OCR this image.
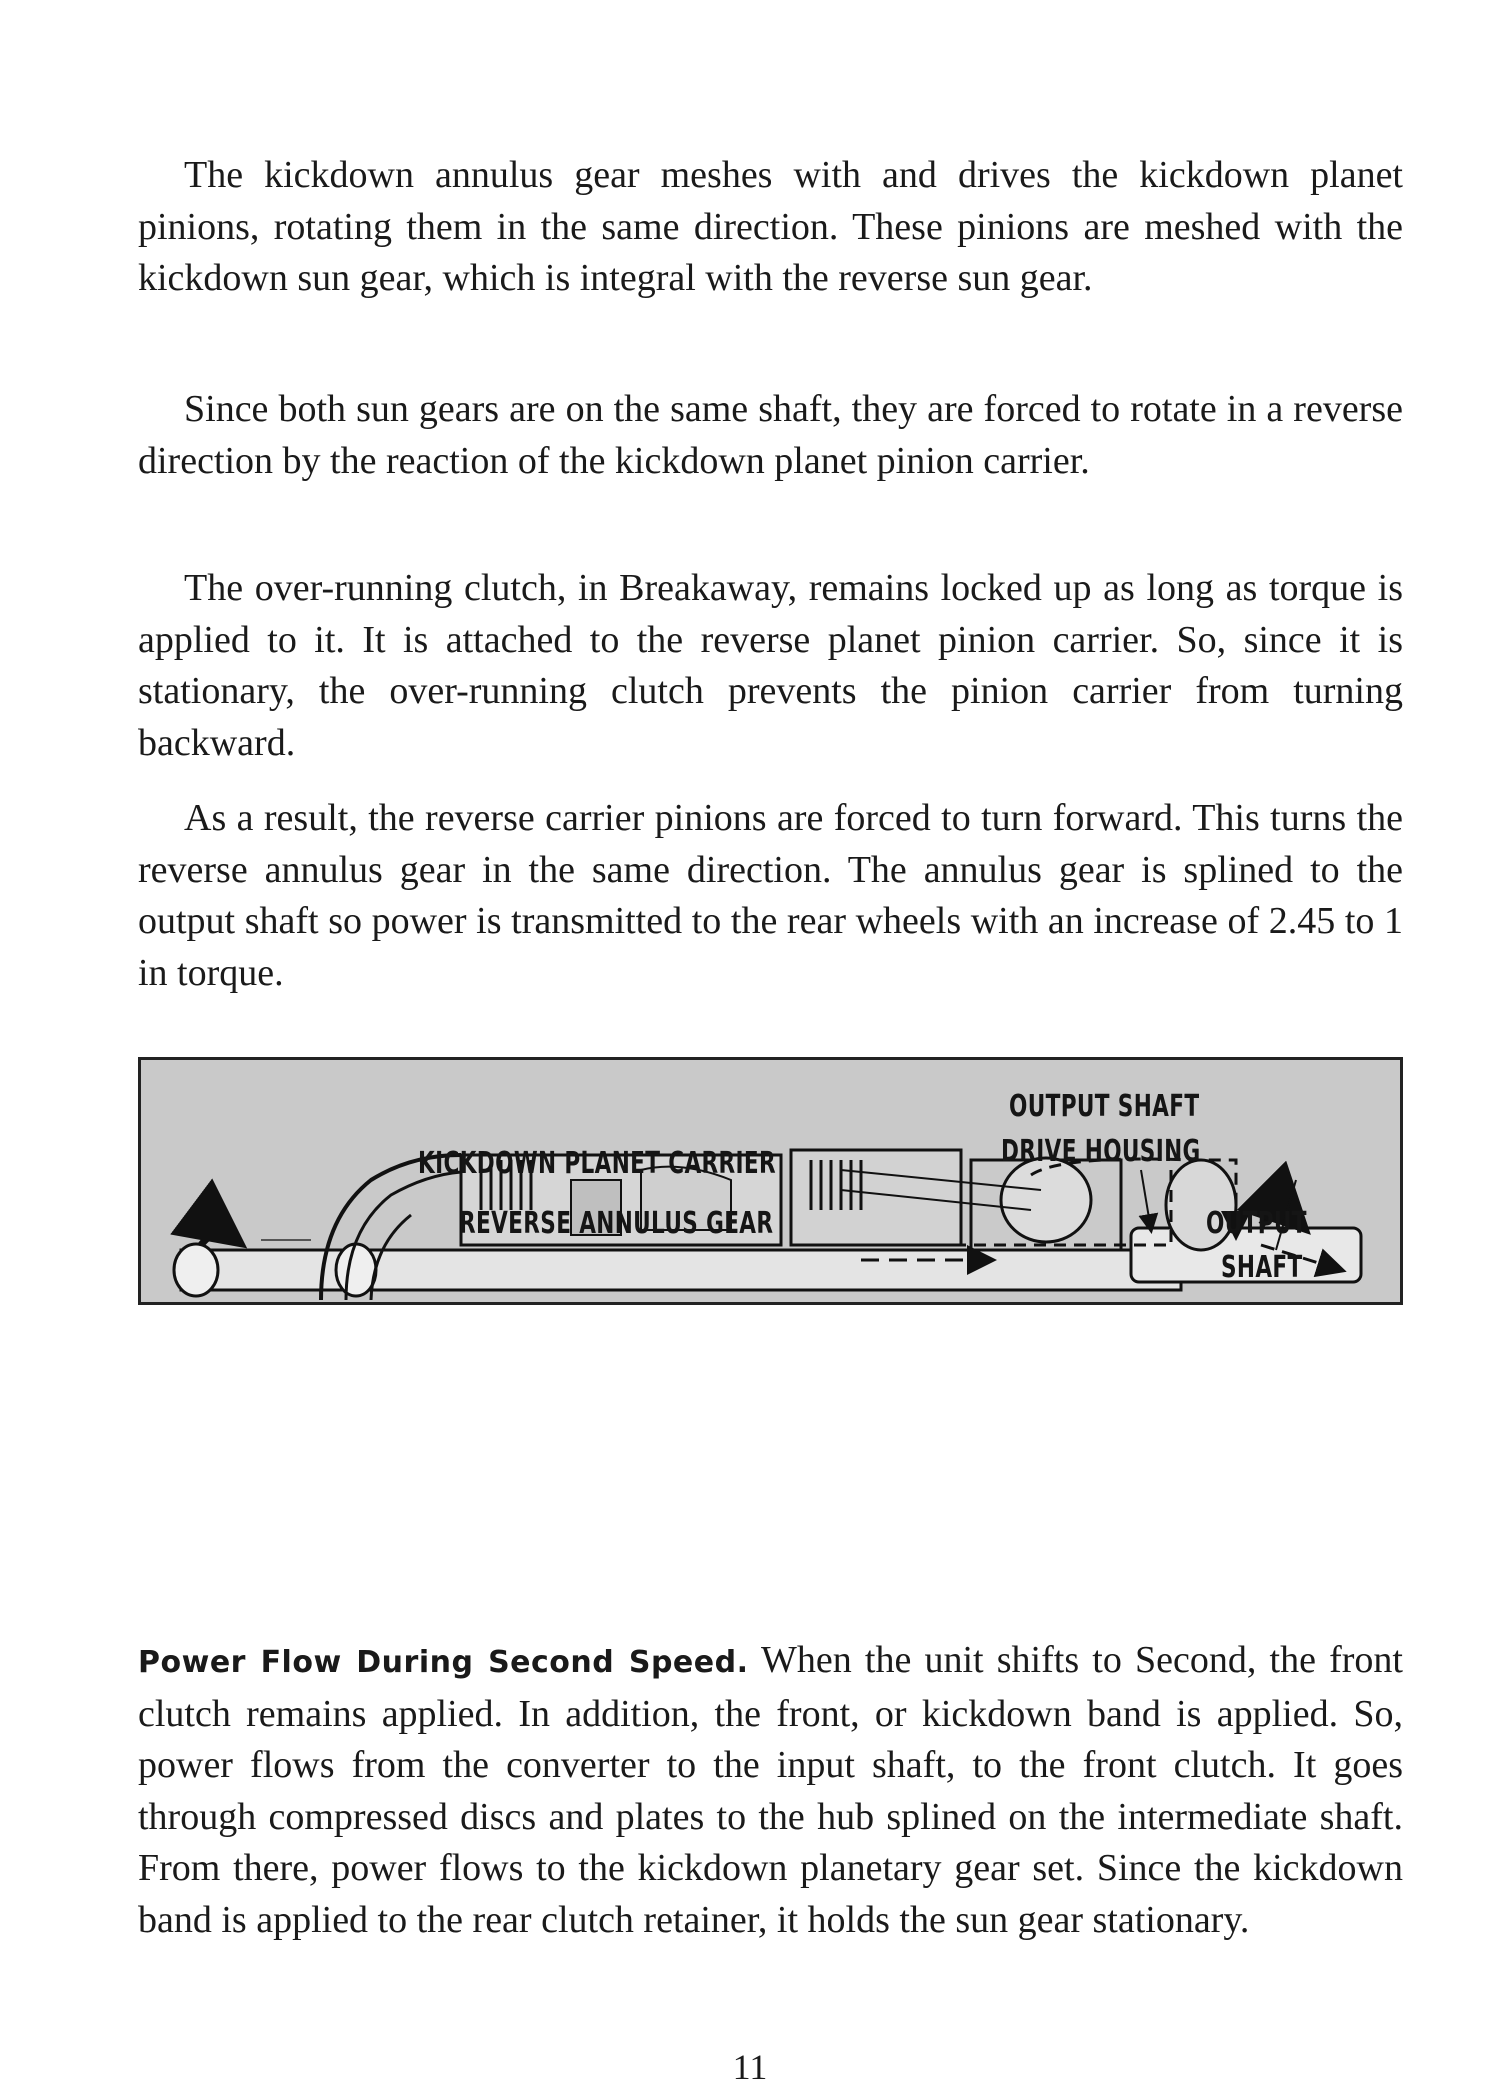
The kickdown annulus gear meshes with and drives the kickdown planet pinions, rotating them in the same direction. These pinions are meshed with the kickdown sun gear, which is integral with the reverse sun gear.

Since both sun gears are on the same shaft, they are forced to rotate in a reverse direction by the reaction of the kickdown planet pinion carrier.

The over-running clutch, in Breakaway, remains locked up as long as torque is applied to it. It is attached to the reverse planet pinion carrier. So, since it is stationary, the over-running clutch prevents the pinion carrier from turning backward.

As a result, the reverse carrier pinions are forced to turn forward. This turns the reverse annulus gear in the same direction. The annulus gear is splined to the output shaft so power is transmitted to the rear wheels with an increase of 2.45 to 1 in torque.

KICKDOWN PLANET CARRIER
REVERSE ANNULUS GEAR
OUTPUT SHAFT
DRIVE HOUSING
OUTPUT
SHAFT

Power Flow During Second Speed. When the unit shifts to Second, the front clutch remains applied. In addition, the front, or kickdown band is applied. So, power flows from the converter to the input shaft, to the front clutch. It goes through compressed discs and plates to the hub splined on the intermediate shaft. From there, power flows to the kickdown planetary gear set. Since the kickdown band is applied to the rear clutch retainer, it holds the sun gear stationary.

11
